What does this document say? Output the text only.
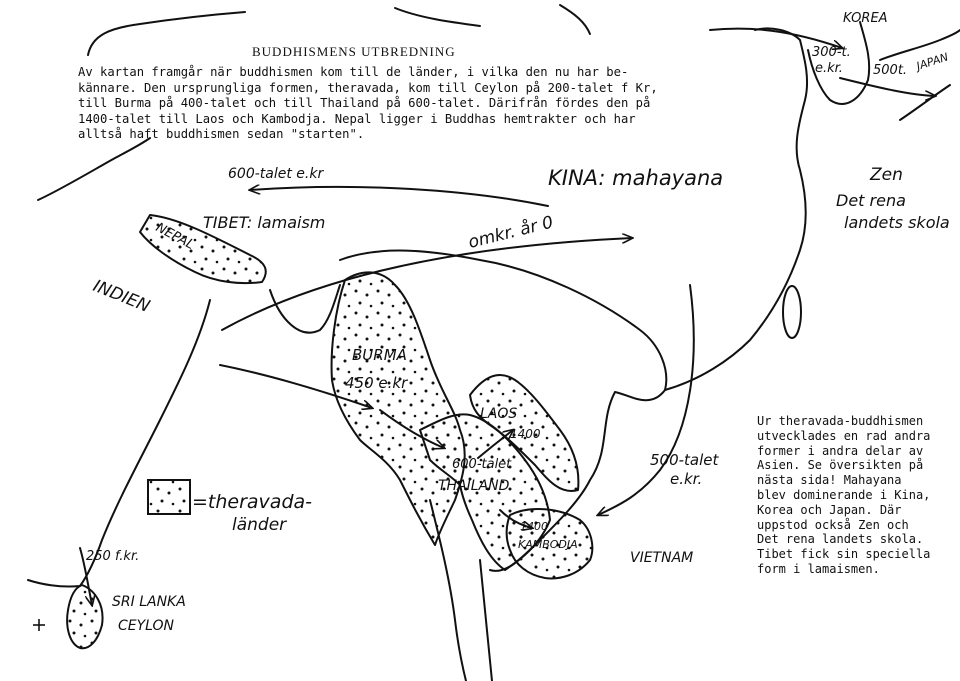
KOREA
300-t.
e.kr.	JAPAN
500t.
Zen
Det rena
landets skola
KINA: mahayana
omkr. år 0
TIBET: lamaism
600-talet e.kr
NEPAL
INDIEN
BURMA
450 e.kr
LAOS
1400
600-talet
THAILAND
1400
KAMBODJA
VIETNAM
500-talet
e.kr.
=theravada-
länder
250 f.kr.
SRI LANKA
CEYLON
BUDDHISMENS UTBREDNING
Av kartan framgår när buddhismen kom till de länder, i vilka den nu har be-
kännare. Den ursprungliga formen, theravada, kom till Ceylon på 200-talet f Kr,
till Burma på 400-talet och till Thailand på 600-talet. Därifrån fördes den på
1400-talet till Laos och Kambodja. Nepal ligger i Buddhas hemtrakter och har
alltså haft buddhismen sedan "starten".
Ur theravada-buddhismen
utvecklades en rad andra
former i andra delar av
Asien. Se översikten på
nästa sida! Mahayana
blev dominerande i Kina,
Korea och Japan. Där
uppstod också Zen och
Det rena landets skola.
Tibet fick sin speciella
form i lamaismen.
